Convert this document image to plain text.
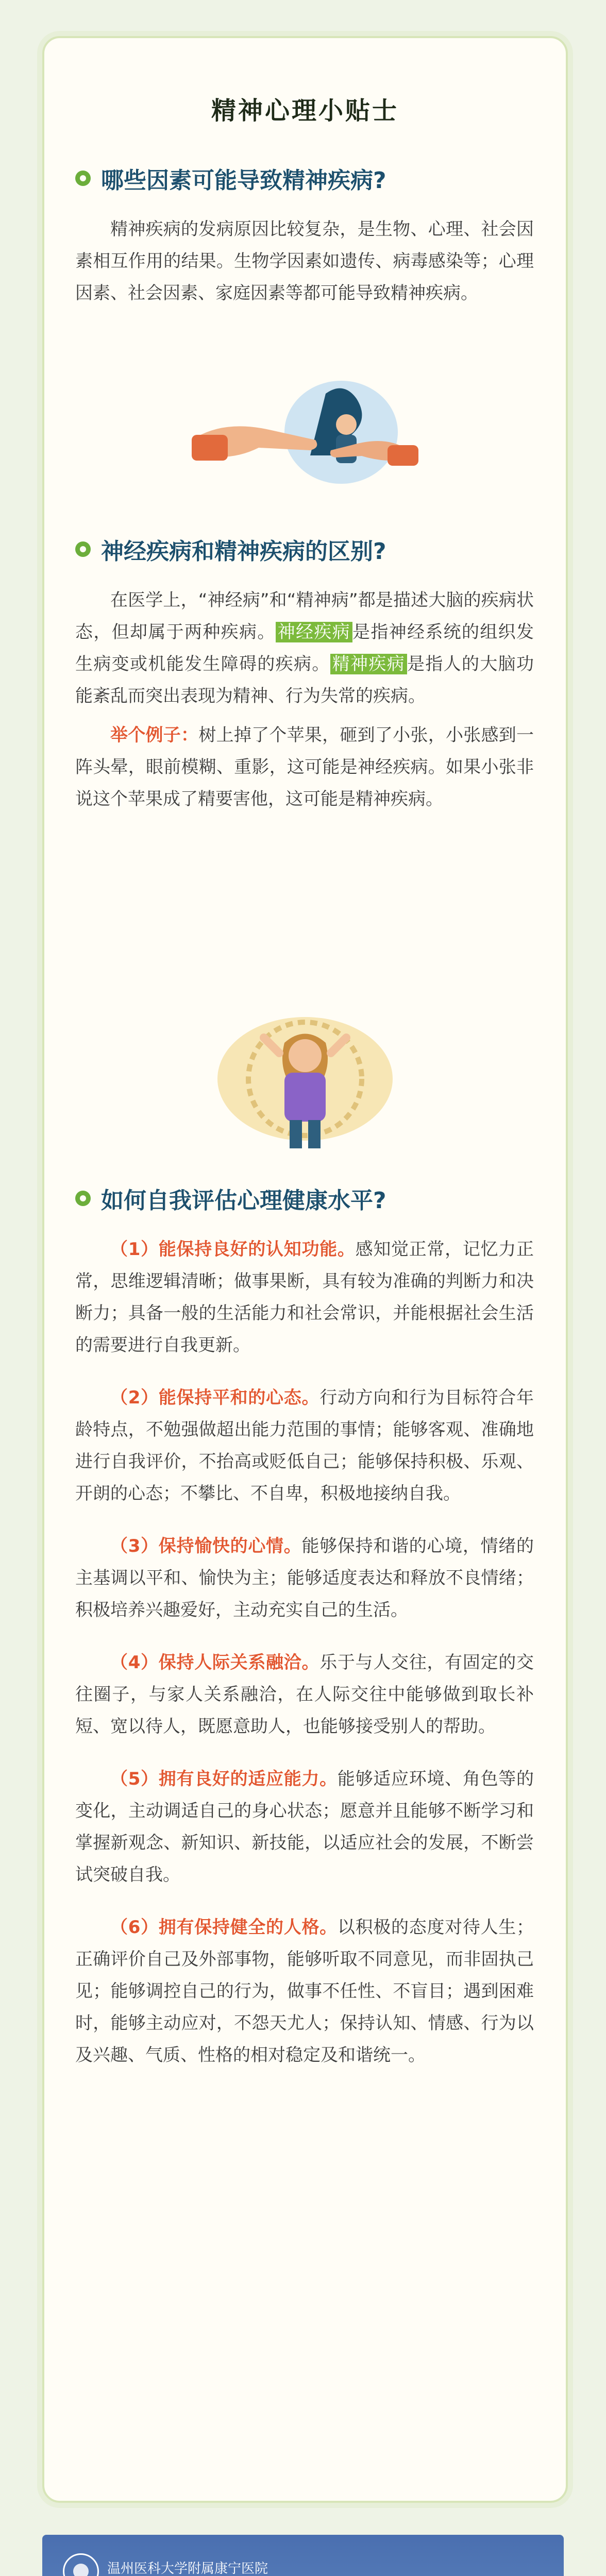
精神心理小贴士
哪些因素可能导致精神疾病?

精神疾病的发病原因比较复杂，是生物、心理、社会因素相互作用的结果。生物学因素如遗传、病毒感染等；心理因素、社会因素、家庭因素等都可能导致精神疾病。

神经疾病和精神疾病的区别?

在医学上，“神经病”和“精神病”都是描述大脑的疾病状态，但却属于两种疾病。 神经疾病 是指神经系统的组织发生病变或机能发生障碍的疾病。 精神疾病 是指人的大脑功能紊乱而突出表现为精神、行为失常的疾病。

举个例子：树上掉了个苹果，砸到了小张，小张感到一阵头晕，眼前模糊、重影，这可能是神经疾病。如果小张非说这个苹果成了精要害他，这可能是精神疾病。

如何自我评估心理健康水平?

（1）能保持良好的认知功能。感知觉正常，记忆力正常，思维逻辑清晰；做事果断，具有较为准确的判断力和决断力；具备一般的生活能力和社会常识，并能根据社会生活的需要进行自我更新。

（2）能保持平和的心态。行动方向和行为目标符合年龄特点，不勉强做超出能力范围的事情；能够客观、准确地进行自我评价，不抬高或贬低自己；能够保持积极、乐观、开朗的心态；不攀比、不自卑，积极地接纳自我。

（3）保持愉快的心情。能够保持和谐的心境，情绪的主基调以平和、愉快为主；能够适度表达和释放不良情绪；积极培养兴趣爱好，主动充实自己的生活。

（4）保持人际关系融洽。乐于与人交往，有固定的交往圈子，与家人关系融洽，在人际交往中能够做到取长补短、宽以待人，既愿意助人，也能够接受别人的帮助。

（5）拥有良好的适应能力。能够适应环境、角色等的变化，主动调适自己的身心状态；愿意并且能够不断学习和掌握新观念、新知识、新技能，以适应社会的发展，不断尝试突破自我。

（6）拥有保持健全的人格。以积极的态度对待人生；正确评价自己及外部事物，能够听取不同意见，而非固执己见；能够调控自己的行为，做事不任性、不盲目；遇到困难时，能够主动应对，不怨天尤人；保持认知、情感、行为以及兴趣、气质、性格的相对稳定及和谐统一。

温州医科大学附属康宁医院
